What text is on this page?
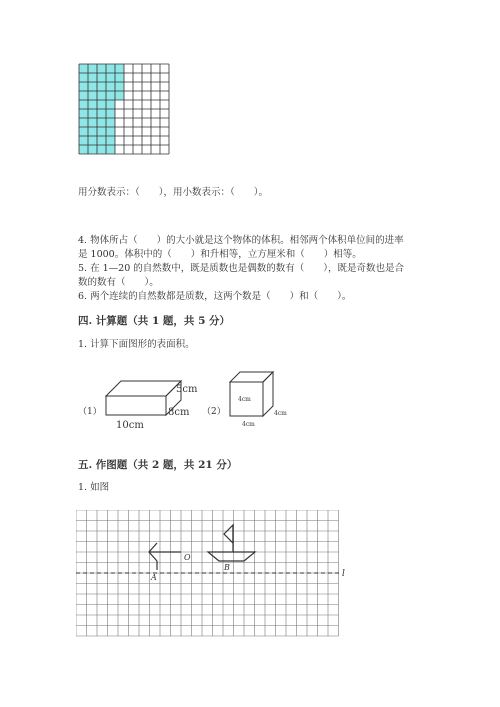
用分数表示：（　　），用小数表示：（　　）。
4. 物体所占（　　）的大小就是这个物体的体积。相邻两个体积单位间的进率
是 1000。体积中的（　　）和升相等，立方厘米和（　　）相等。
5. 在 1—20 的自然数中，既是质数也是偶数的数有（　　），既是奇数也是合
数的数有（　　）。
6. 两个连续的自然数都是质数，这两个数是（　　）和（　　）。
四. 计算题（共 1 题，共 5 分）
1. 计算下面图形的表面积。
（1）
5cm
8cm
10cm
（2）
4cm
4cm
4cm
五. 作图题（共 2 题，共 21 分）
1. 如图
l
A
O
B
